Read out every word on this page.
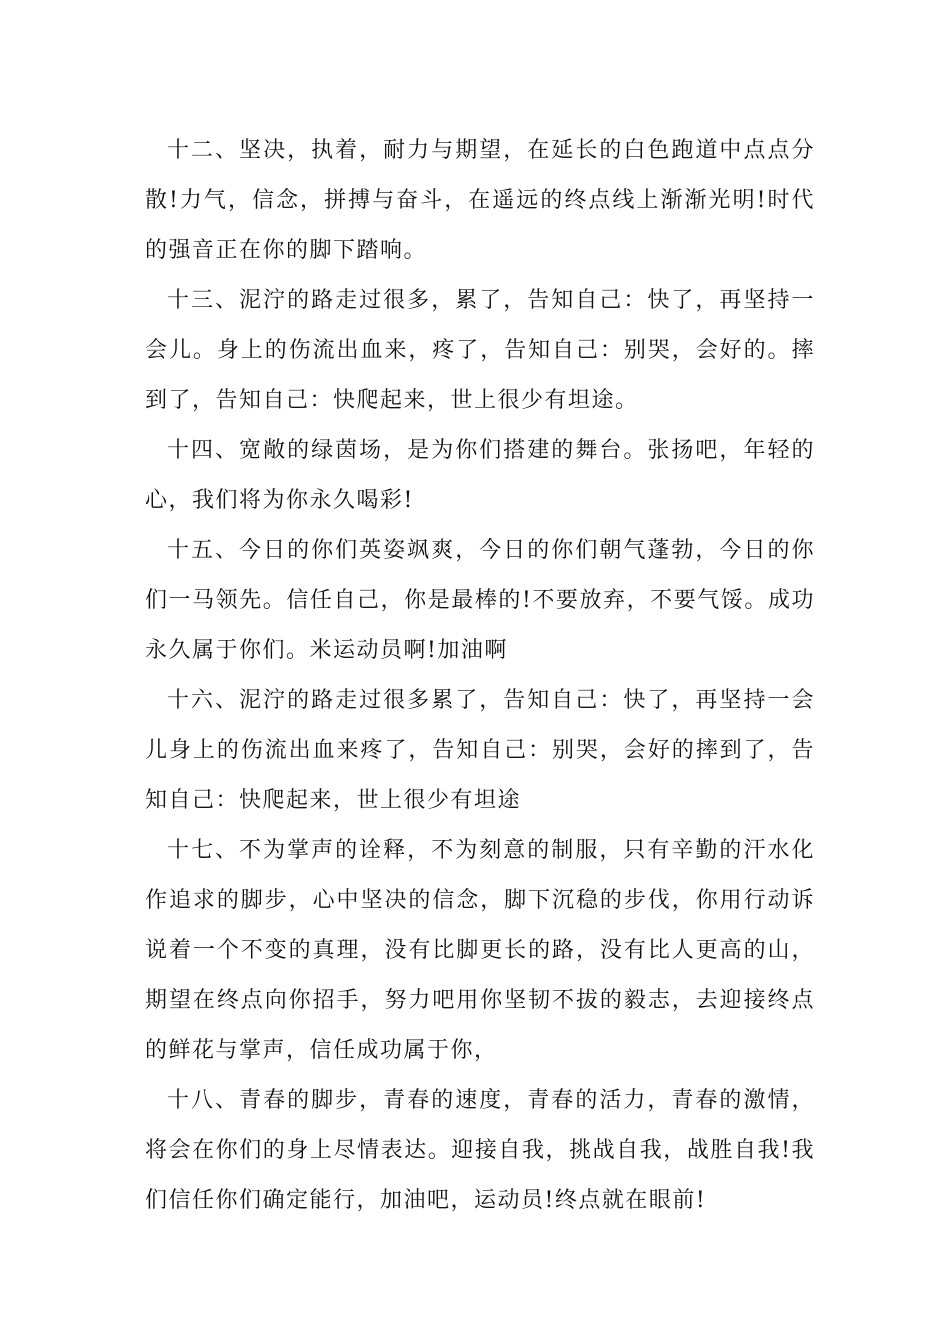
十二、坚决，执着，耐力与期望，在延长的白色跑道中点点分散!力气，信念，拼搏与奋斗，在遥远的终点线上渐渐光明!时代的强音正在你的脚下踏响。

十三、泥泞的路走过很多，累了，告知自己：快了，再坚持一会儿。身上的伤流出血来，疼了，告知自己：别哭，会好的。摔到了，告知自己：快爬起来，世上很少有坦途。

十四、宽敞的绿茵场，是为你们搭建的舞台。张扬吧，年轻的心，我们将为你永久喝彩!

十五、今日的你们英姿飒爽，今日的你们朝气蓬勃，今日的你们一马领先。信任自己，你是最棒的!不要放弃，不要气馁。成功永久属于你们。米运动员啊!加油啊

十六、泥泞的路走过很多累了，告知自己：快了，再坚持一会儿身上的伤流出血来疼了，告知自己：别哭，会好的摔到了，告知自己：快爬起来，世上很少有坦途

十七、不为掌声的诠释，不为刻意的制服，只有辛勤的汗水化作追求的脚步，心中坚决的信念，脚下沉稳的步伐，你用行动诉说着一个不变的真理，没有比脚更长的路，没有比人更高的山，期望在终点向你招手，努力吧用你坚韧不拔的毅志，去迎接终点的鲜花与掌声，信任成功属于你，

十八、青春的脚步，青春的速度，青春的活力，青春的激情，将会在你们的身上尽情表达。迎接自我，挑战自我，战胜自我!我们信任你们确定能行，加油吧，运动员!终点就在眼前!
